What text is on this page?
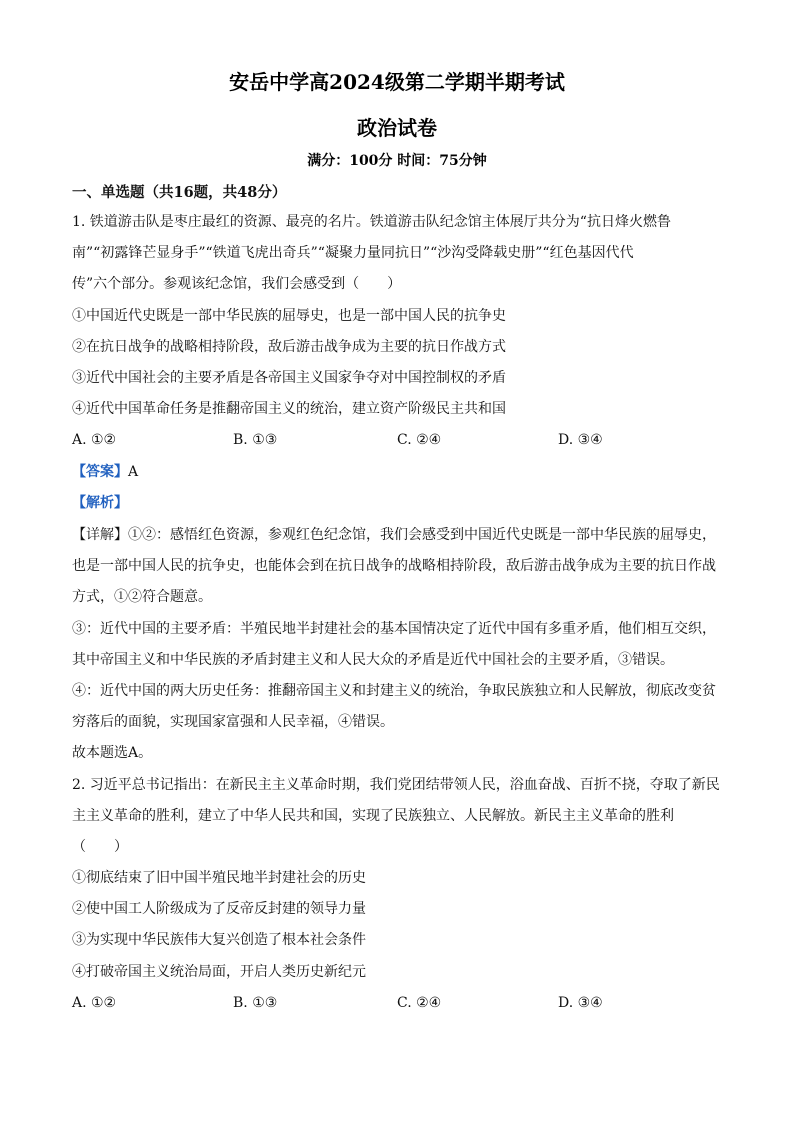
安岳中学高2024级第二学期半期考试
政治试卷
满分：100分 时间：75分钟
一、单选题（共16题，共48分）
1. 铁道游击队是枣庄最红的资源、最亮的名片。铁道游击队纪念馆主体展厅共分为“抗日烽火燃鲁
南”“初露锋芒显身手”“铁道飞虎出奇兵”“凝聚力量同抗日”“沙沟受降载史册”“红色基因代代
传”六个部分。参观该纪念馆，我们会感受到（　　）
①中国近代史既是一部中华民族的屈辱史，也是一部中国人民的抗争史
②在抗日战争的战略相持阶段，敌后游击战争成为主要的抗日作战方式
③近代中国社会的主要矛盾是各帝国主义国家争夺对中国控制权的矛盾
④近代中国革命任务是推翻帝国主义的统治，建立资产阶级民主共和国
A. ①②	B. ①③	C. ②④	D. ③④
【答案】A
【解析】
【详解】①②：感悟红色资源，参观红色纪念馆，我们会感受到中国近代史既是一部中华民族的屈辱史，
也是一部中国人民的抗争史，也能体会到在抗日战争的战略相持阶段，敌后游击战争成为主要的抗日作战
方式，①②符合题意。
③：近代中国的主要矛盾：半殖民地半封建社会的基本国情决定了近代中国有多重矛盾，他们相互交织，
其中帝国主义和中华民族的矛盾封建主义和人民大众的矛盾是近代中国社会的主要矛盾，③错误。
④：近代中国的两大历史任务：推翻帝国主义和封建主义的统治，争取民族独立和人民解放，彻底改变贫
穷落后的面貌，实现国家富强和人民幸福，④错误。
故本题选A。
2. 习近平总书记指出：在新民主主义革命时期，我们党团结带领人民，浴血奋战、百折不挠，夺取了新民
主主义革命的胜利，建立了中华人民共和国，实现了民族独立、人民解放。新民主主义革命的胜利
（　　）
①彻底结束了旧中国半殖民地半封建社会的历史
②使中国工人阶级成为了反帝反封建的领导力量
③为实现中华民族伟大复兴创造了根本社会条件
④打破帝国主义统治局面，开启人类历史新纪元
A. ①②	B. ①③	C. ②④	D. ③④
